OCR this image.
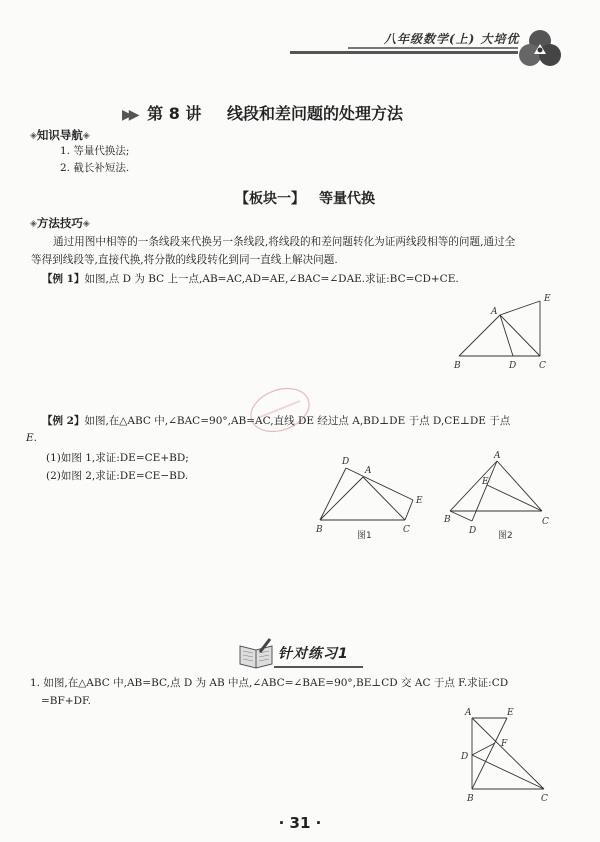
八年级数学(上) 大培优
▶▶ 第 8 讲 线段和差问题的处理方法
◈知识导航◈
1. 等量代换法;
2. 截长补短法.
【板块一】 等量代换
◈方法技巧◈
通过用图中相等的一条线段来代换另一条线段,将线段的和差问题转化为证两线段相等的问题,通过全
等得到线段等,直接代换,将分散的线段转化到同一直线上解决问题.
【例 1】如图,点 D 为 BC 上一点,AB=AC,AD=AE,∠BAC=∠DAE.求证:BC=CD+CE.
A
B	C
D
E
【例 2】如图,在△ABC 中,∠BAC=90°,AB=AC,直线 DE 经过点 A,BD⊥DE 于点 D,CE⊥DE 于点
E.
(1)如图 1,求证:DE=CE+BD;
(2)如图 2,求证:DE=CE−BD.
D
A
E
B	C
图1
A
E
B
D
C
图2
针对练习1
1. 如图,在△ABC 中,AB=BC,点 D 为 AB 中点,∠ABC=∠BAE=90°,BE⊥CD 交 AC 于点 F.求证:CD
=BF+DF.
A	E
F
D
B	C
· 31 ·
